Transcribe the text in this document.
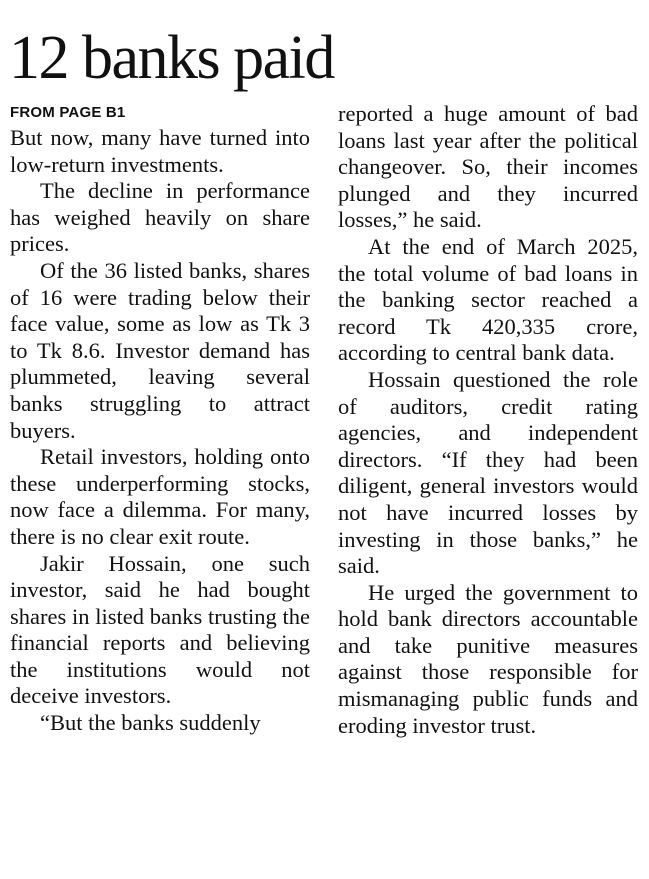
12 banks paid
FROM PAGE B1

But now, many have turned into low-return investments.

The decline in performance has weighed heavily on share prices.

Of the 36 listed banks, shares of 16 were trading below their face value, some as low as Tk 3 to Tk 8.6. Investor demand has plummeted, leaving several banks struggling to attract buyers.

Retail investors, holding onto these underperforming stocks, now face a dilemma. For many, there is no clear exit route.

Jakir Hossain, one such investor, said he had bought shares in listed banks trusting the financial reports and believing the institutions would not deceive investors.

“But the banks suddenly

reported a huge amount of bad loans last year after the political changeover. So, their incomes plunged and they incurred losses,” he said.

At the end of March 2025, the total volume of bad loans in the banking sector reached a record Tk 420,335 crore, according to central bank data.

Hossain questioned the role of auditors, credit rating agencies, and independent directors. “If they had been diligent, general investors would not have incurred losses by investing in those banks,” he said.

He urged the government to hold bank directors accountable and take punitive measures against those responsible for mismanaging public funds and eroding investor trust.
